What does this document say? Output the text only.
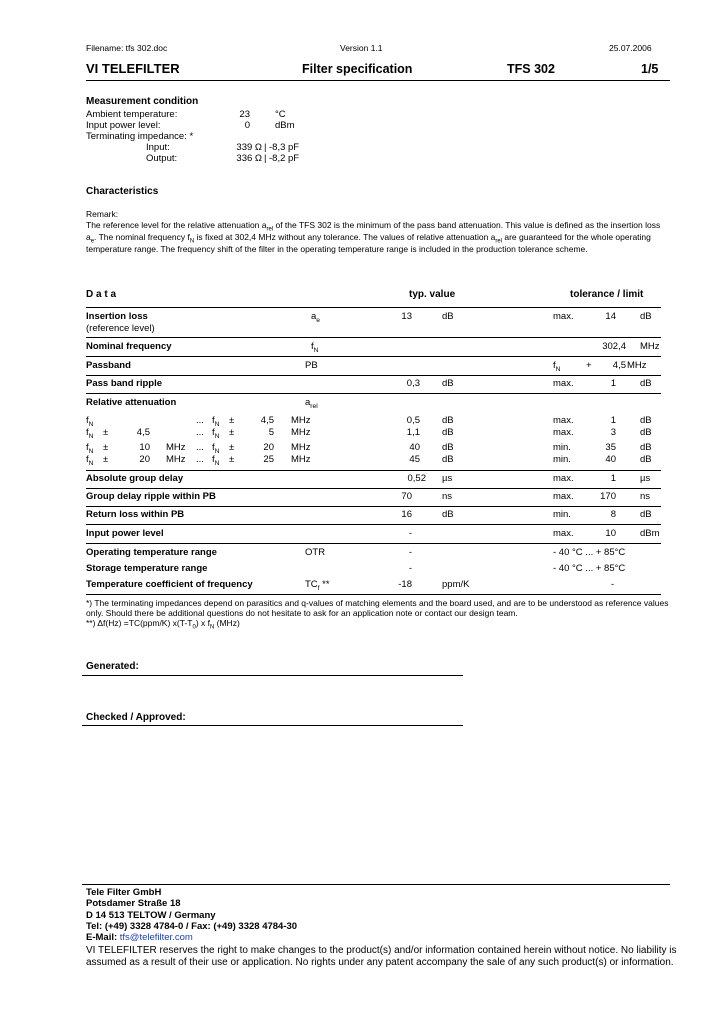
Filename: tfs 302.doc	Version 1.1	25.07.2006
VI TELEFILTER	Filter specification	TFS 302	1/5
Measurement condition
Ambient temperature:	23	°C
Input power level:	0	dBm
Terminating impedance: *
Input:	339 Ω | -8,3 pF
Output:	336 Ω | -8,2 pF
Characteristics
Remark:
The reference level for the relative attenuation $a_{rel}$ of the TFS 302 is the minimum of the pass band attenuation. This value is defined as the insertion loss
$a_e$. The nominal frequency $f_N$ is fixed at 302,4 MHz without any tolerance. The values of relative attenuation $a_{rel}$ are guaranteed for the whole operating
temperature range. The frequency shift of the filter in the operating temperature range is included in the production tolerance scheme.
D a t a	typ. value	tolerance / limit
Insertion loss
(reference level)
$a_e$	13	dB	max.	14	dB
Nominal frequency	$f_N$	302,4 MHz
Passband	PB	$f_N$	+	4,5 MHz
Pass band ripple	0,3 dB	max.	1	dB
Relative attenuation	$a_{rel}$
$f_N$	... $f_N$ ±	4,5 MHz	0,5 dB	max.	1	dB
$f_N$ ±	4,5	... $f_N$ ±	5 MHz	1,1 dB	max.	3	dB
$f_N$ ±	10 MHz ... $f_N$ ±	20 MHz	40 dB	min.	35	dB
$f_N$ ±	20 MHz ... $f_N$ ±	25 MHz	45 dB	min.	40	dB
Absolute group delay	0,52 µs	max.	1	µs
Group delay ripple within PB	70	ns	max.	170	ns
Return loss within PB	16	dB	min.	8	dB
Input power level	-	max.	10	dBm
Operating temperature range	OTR	-	- 40 °C ... + 85°C
Storage temperature range	-	- 40 °C ... + 85°C
Temperature coefficient of frequency	$TC_f$ **	-18	ppm/K	-
*) The terminating impedances depend on parasitics and q-values of matching elements and the board used, and are to be understood as reference values
only. Should there be additional questions do not hesitate to ask for an application note or contact our design team.
**) Δf(Hz) =TC(ppm/K) $x(T-T_0)$ x $f_N$ (MHz)
Generated:
Checked / Approved:
Tele Filter GmbH
Potsdamer Straße 18
D 14 513 TELTOW / Germany
Tel: (+49) 3328 4784-0 / Fax: (+49) 3328 4784-30
E-Mail: tfs@telefilter.com
VI TELEFILTER reserves the right to make changes to the product(s) and/or information contained herein without notice. No liability is
assumed as a result of their use or application. No rights under any patent accompany the sale of any such product(s) or information.
